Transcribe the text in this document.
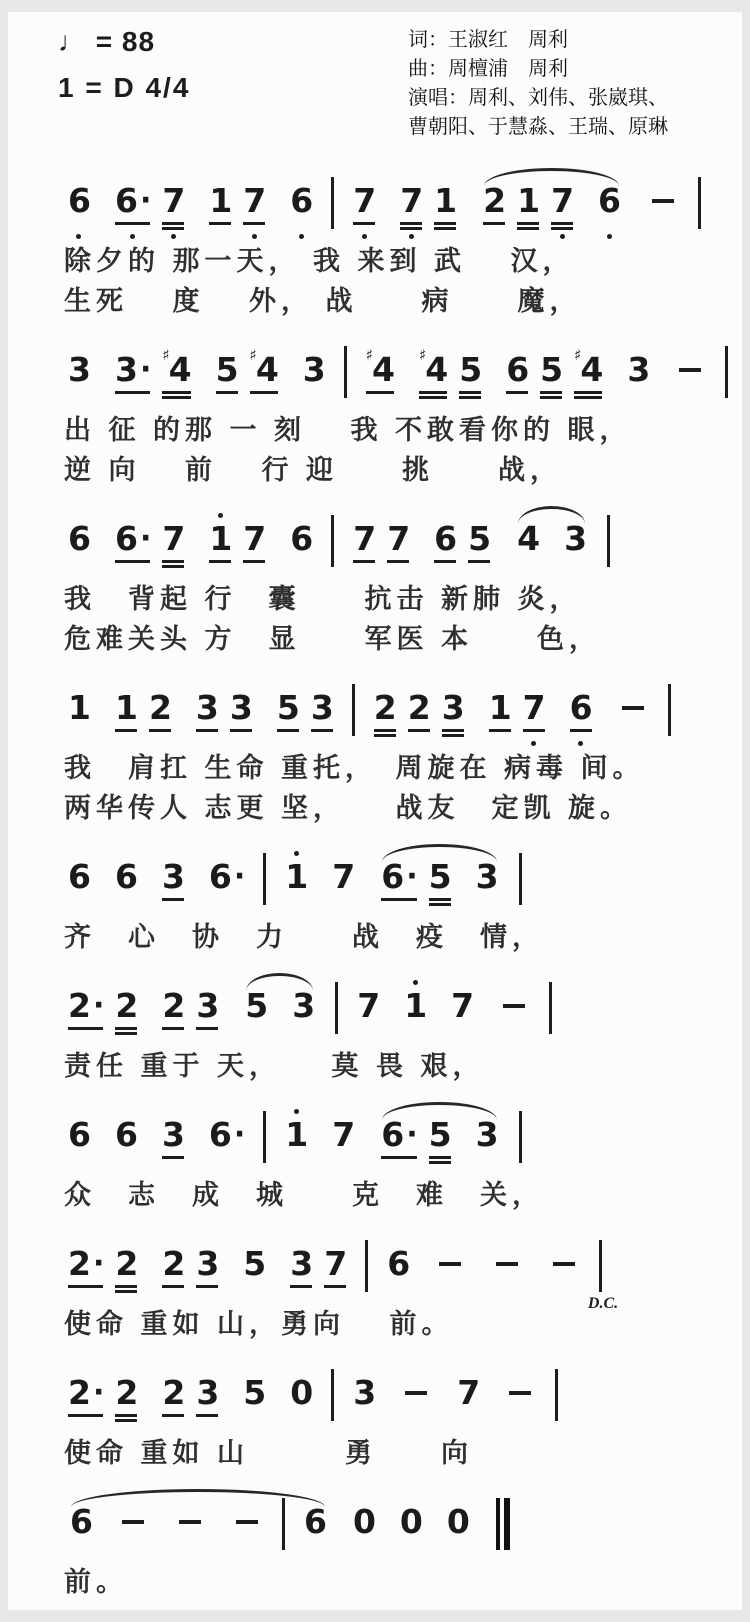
♩ = 88
1 = D 4/4
词：王淑红　周利
曲：周檀浦　周利
演唱：周利、刘伟、张崴琪、
曹朝阳、于慧淼、王瑞、原琳
6 6 · 7 1 7 6 7 7 1 2 1 7 6
除夕的 那一天， 我 来到 武　 汉，
生死　 度　 外， 战　　病　　魔，
3 3 · ♯ 4 5 ♯ 4 3	♯ 4 ♯ 4 5 6 5 ♯ 4 3
出 征 的那 一 刻　 我 不敢看你的 眼，
逆 向　 前　 行 迎　　挑　　战，
6 6 · 7 1 7 6 7 7 6 5 4 3
我　背起 行　囊　　抗击 新肺 炎，
危难关头 方　显　　军医 本　　色，
1 1 2 3 3 5 3 2 2 3 1 7 6
我　肩扛 生命 重托，　周旋在 病毒 间。
两华传人 志更 坚，　　战友　定凯 旋。
6 6 3 6 · 1 7 6 · 5 3
齐　心　协　力　　战　疫　情，
2 · 2 2 3 5 3 7 1 7
责任 重于 天，　　莫 畏 艰，
6 6 3 6 · 1 7 6 · 5 3
众　志　成　城　　克　难　关，
2 · 2 2 3 5 3 7 6
D.C.
使命 重如 山，勇向　 前。
2 · 2 2 3 5 0 3 7
使命 重如 山　　　勇　　向
6	6 0 0 0
前。
